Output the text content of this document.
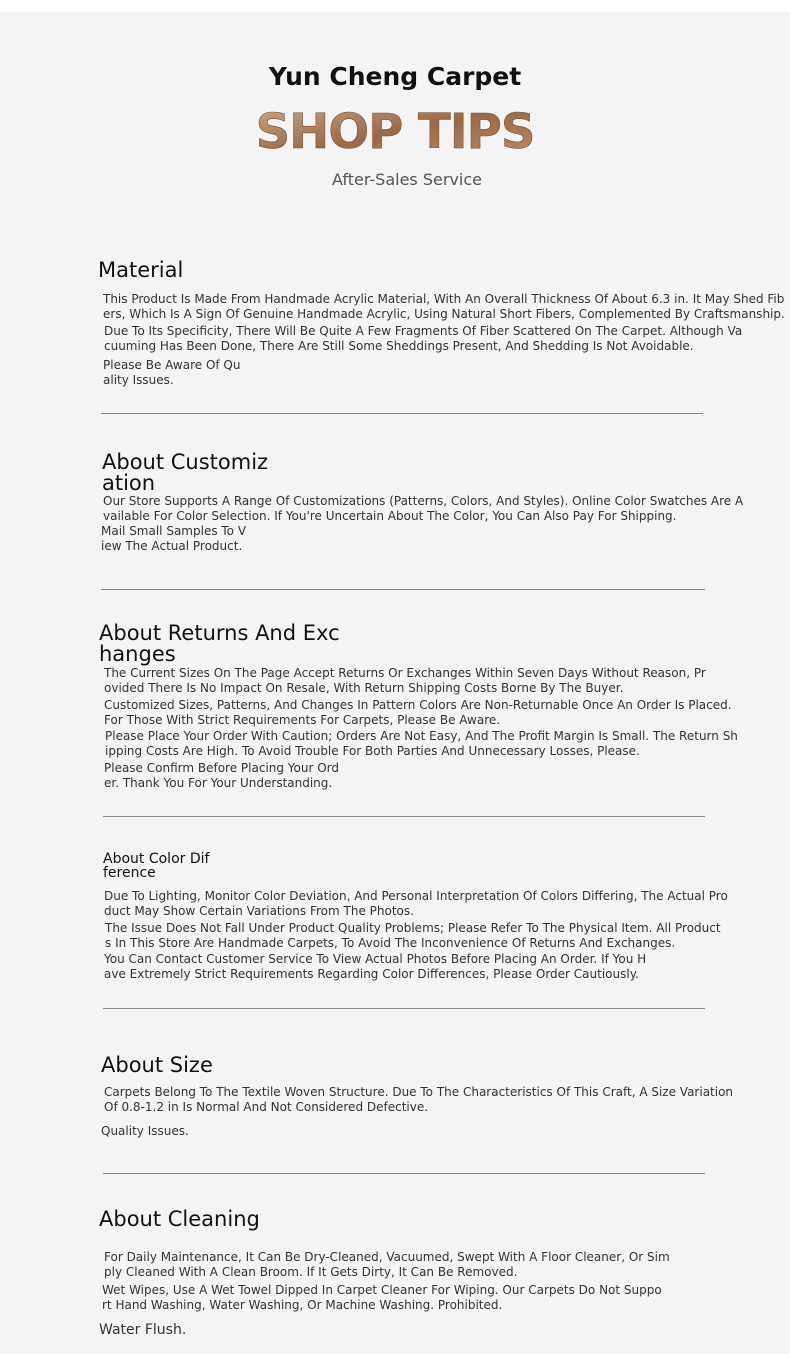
Yun Cheng Carpet
SHOP TIPS

After-Sales Service

Material

This Product Is Made From Handmade Acrylic Material, With An Overall Thickness Of About 6.3 in. It May Shed Fib
ers, Which Is A Sign Of Genuine Handmade Acrylic, Using Natural Short Fibers, Complemented By Craftsmanship.

Due To Its Specificity, There Will Be Quite A Few Fragments Of Fiber Scattered On The Carpet. Although Va
cuuming Has Been Done, There Are Still Some Sheddings Present, And Shedding Is Not Avoidable.

Please Be Aware Of Qu
ality Issues.

About Customiz
ation

Our Store Supports A Range Of Customizations (Patterns, Colors, And Styles). Online Color Swatches Are A
vailable For Color Selection. If You're Uncertain About The Color, You Can Also Pay For Shipping.

Mail Small Samples To V
iew The Actual Product.

About Returns And Exc
hanges

The Current Sizes On The Page Accept Returns Or Exchanges Within Seven Days Without Reason, Pr
ovided There Is No Impact On Resale, With Return Shipping Costs Borne By The Buyer.

Customized Sizes, Patterns, And Changes In Pattern Colors Are Non-Returnable Once An Order Is Placed.
For Those With Strict Requirements For Carpets, Please Be Aware.

Please Place Your Order With Caution; Orders Are Not Easy, And The Profit Margin Is Small. The Return Sh
ipping Costs Are High. To Avoid Trouble For Both Parties And Unnecessary Losses, Please.

Please Confirm Before Placing Your Ord
er. Thank You For Your Understanding.

About Color Dif
ference

Due To Lighting, Monitor Color Deviation, And Personal Interpretation Of Colors Differing, The Actual Pro
duct May Show Certain Variations From The Photos.

The Issue Does Not Fall Under Product Quality Problems; Please Refer To The Physical Item. All Product
s In This Store Are Handmade Carpets, To Avoid The Inconvenience Of Returns And Exchanges.

You Can Contact Customer Service To View Actual Photos Before Placing An Order. If You H
ave Extremely Strict Requirements Regarding Color Differences, Please Order Cautiously.

About Size

Carpets Belong To The Textile Woven Structure. Due To The Characteristics Of This Craft, A Size Variation
Of 0.8-1.2 in Is Normal And Not Considered Defective.

Quality Issues.

About Cleaning

For Daily Maintenance, It Can Be Dry-Cleaned, Vacuumed, Swept With A Floor Cleaner, Or Sim
ply Cleaned With A Clean Broom. If It Gets Dirty, It Can Be Removed.

Wet Wipes, Use A Wet Towel Dipped In Carpet Cleaner For Wiping. Our Carpets Do Not Suppo
rt Hand Washing, Water Washing, Or Machine Washing. Prohibited.

Water Flush.
